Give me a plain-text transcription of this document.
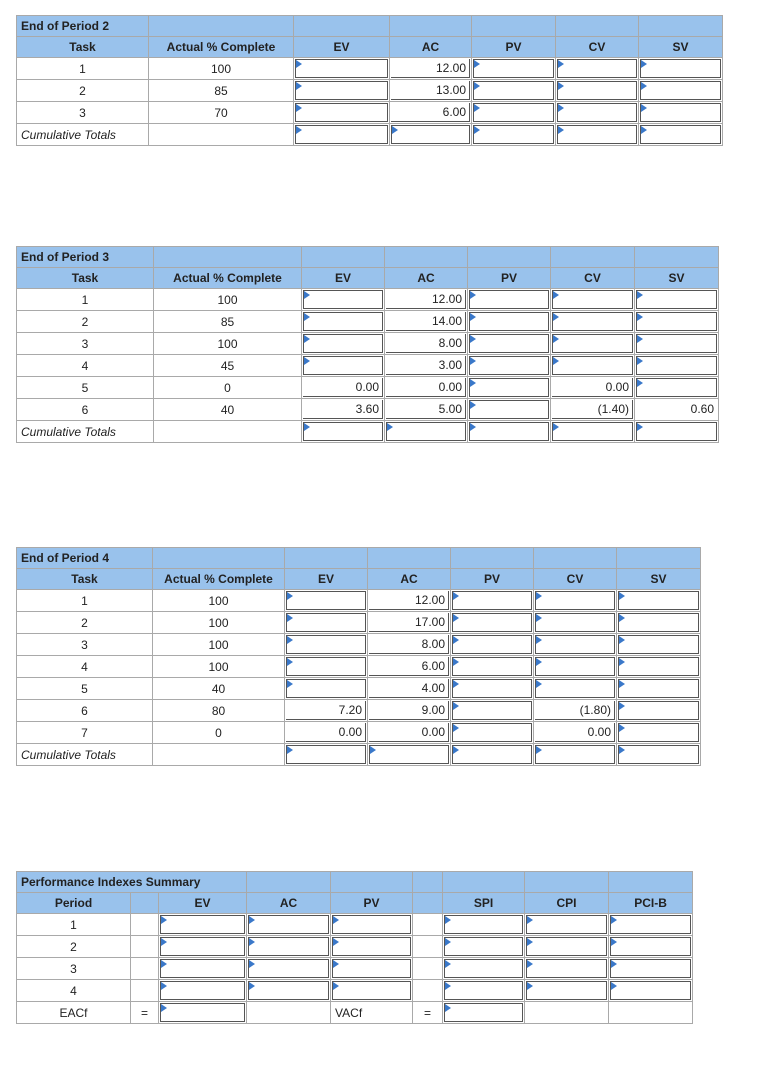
End of Period 2						
Task	Actual % Complete	EV	AC	PV	CV	SV
1	100		12.00			

2	85		13.00			

3	70		6.00			

Cumulative Totals		

End of Period 3						
Task	Actual % Complete	EV	AC	PV	CV	SV
1	100		12.00			

2	85		14.00			

3	100		8.00			

4	45		3.00			

5	0	0.00	0.00		0.00	

6	40	3.60	5.00		(1.40)	0.60

Cumulative Totals		

End of Period 4						
Task	Actual % Complete	EV	AC	PV	CV	SV
1	100		12.00			

2	100		17.00			

3	100		8.00			

4	100		6.00			

5	40		4.00			

6	80	7.20	9.00		(1.80)	

7	0	0.00	0.00		0.00	

Cumulative Totals		

Performance Indexes Summary								
Period		EV	AC	PV		SPI	CPI	PCI-B
1		

2		

3		

4		

EACf	=			VACf	=	
